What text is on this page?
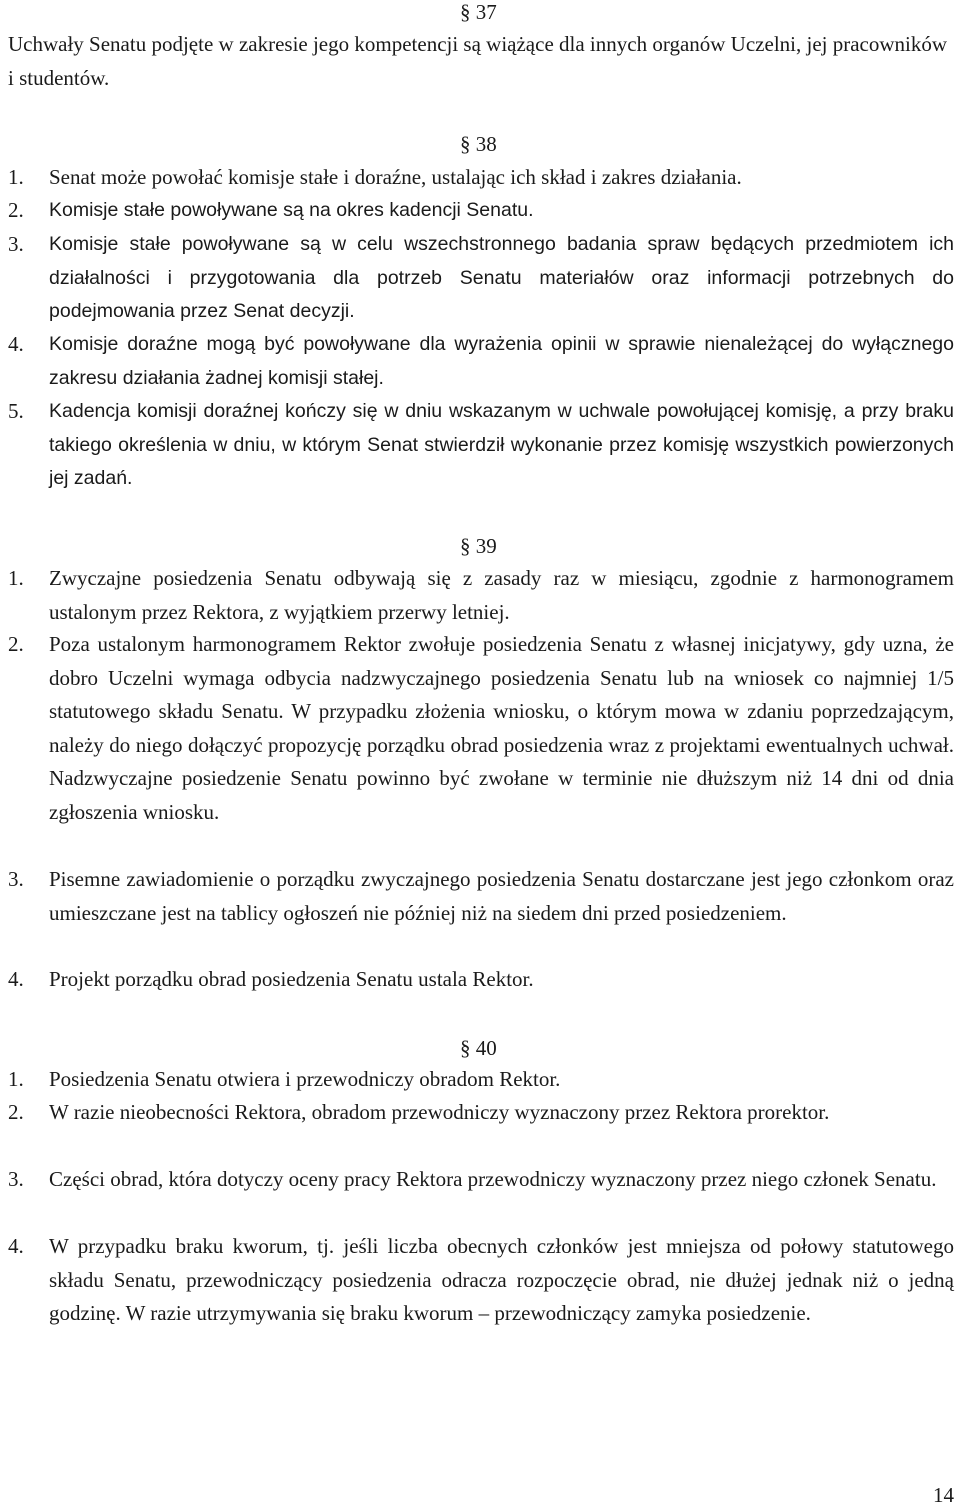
§ 37
Uchwały Senatu podjęte w zakresie jego kompetencji są wiążące dla innych organów Uczelni, jej pracowników i studentów.
§ 38
1.	Senat może powołać komisje stałe i doraźne, ustalając ich skład i zakres działania.
2.	Komisje stałe powoływane są na okres kadencji Senatu.
3.	Komisje stałe powoływane są w celu wszechstronnego badania spraw będących przedmiotem ich działalności i przygotowania dla potrzeb Senatu materiałów oraz informacji potrzebnych do podejmowania przez Senat decyzji.
4.	Komisje doraźne mogą być powoływane dla wyrażenia opinii w sprawie nienależącej do wyłącznego zakresu działania żadnej komisji stałej.
5.	Kadencja komisji doraźnej kończy się w dniu wskazanym w uchwale powołującej komisję, a przy braku takiego określenia w dniu, w którym Senat stwierdził wykonanie przez komisję wszystkich powierzonych jej zadań.
§ 39
1.	Zwyczajne posiedzenia Senatu odbywają się z zasady raz w miesiącu, zgodnie z harmonogramem ustalonym przez Rektora, z wyjątkiem przerwy letniej.
2.	Poza ustalonym harmonogramem Rektor zwołuje posiedzenia Senatu z własnej inicjatywy, gdy uzna, że dobro Uczelni wymaga odbycia nadzwyczajnego posiedzenia Senatu lub na wniosek co najmniej 1/5 statutowego składu Senatu. W przypadku złożenia wniosku, o którym mowa w zdaniu poprzedzającym, należy do niego dołączyć propozycję porządku obrad posiedzenia wraz z projektami ewentualnych uchwał. Nadzwyczajne posiedzenie Senatu powinno być zwołane w terminie nie dłuższym niż 14 dni od dnia zgłoszenia wniosku.
3.	Pisemne zawiadomienie o porządku zwyczajnego posiedzenia Senatu dostarczane jest jego członkom oraz umieszczane jest na tablicy ogłoszeń nie później niż na siedem dni przed posiedzeniem.
4.	Projekt porządku obrad posiedzenia Senatu ustala Rektor.
§ 40
1.	Posiedzenia Senatu otwiera i przewodniczy obradom Rektor.
2.	W razie nieobecności Rektora, obradom przewodniczy wyznaczony przez Rektora prorektor.
3.	Części obrad, która dotyczy oceny pracy Rektora przewodniczy wyznaczony przez niego członek Senatu.
4.	W przypadku braku kworum, tj. jeśli liczba obecnych członków jest mniejsza od połowy statutowego składu Senatu, przewodniczący posiedzenia odracza rozpoczęcie obrad, nie dłużej jednak niż o jedną godzinę. W razie utrzymywania się braku kworum – przewodniczący zamyka posiedzenie.
14
